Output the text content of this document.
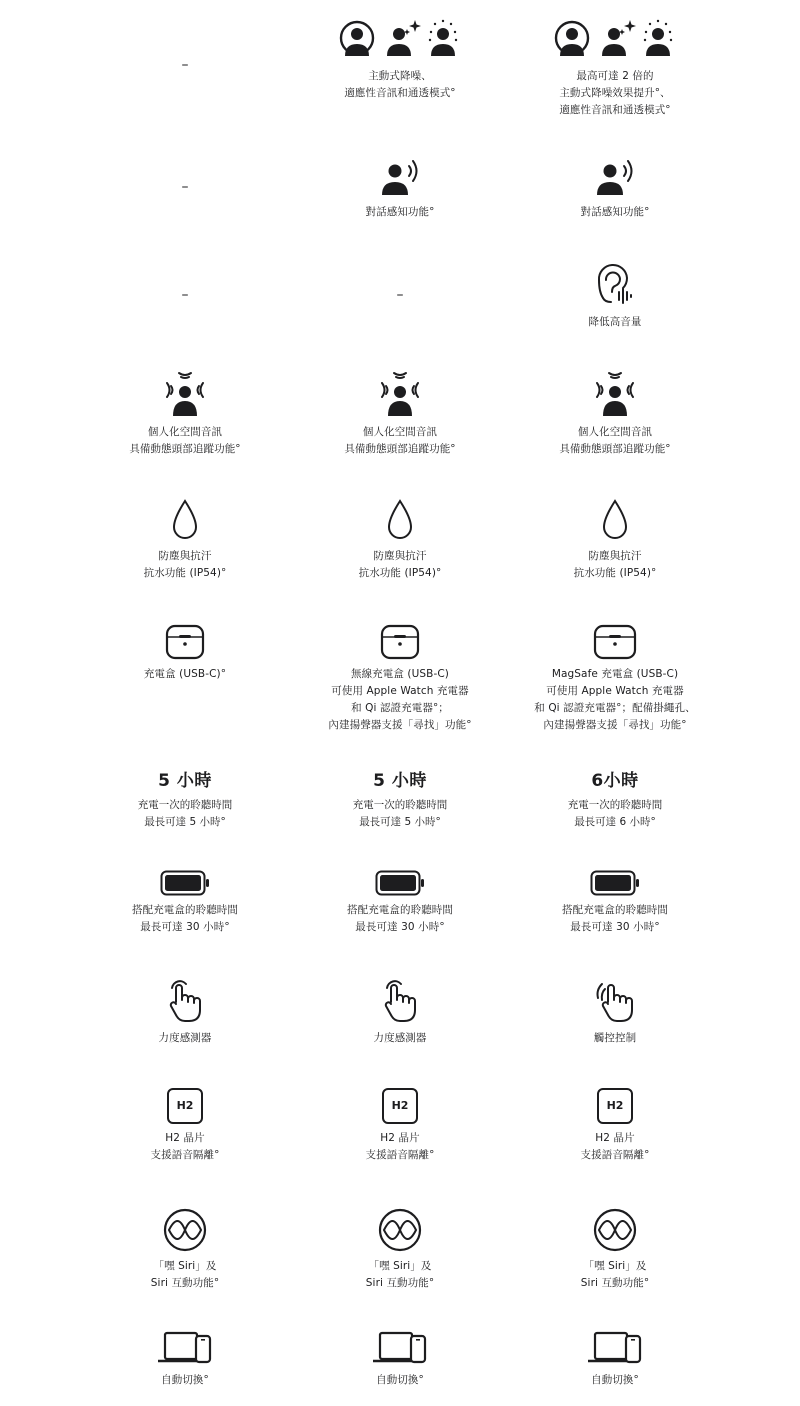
–
–
–
個人化空間音訊
具備動態頭部追蹤功能°
防塵與抗汗
抗水功能 (IP54)°
充電盒 (USB-C)°
5 小時
充電一次的聆聽時間
最長可達 5 小時°
搭配充電盒的聆聽時間
最長可達 30 小時°
力度感測器
H2
H2 晶片
支援語音隔離°
「嘿 Siri」及
Siri 互動功能°
自動切換°
主動式降噪、
適應性音訊和通透模式°
對話感知功能°
–
個人化空間音訊
具備動態頭部追蹤功能°
防塵與抗汗
抗水功能 (IP54)°
無線充電盒 (USB-C)
可使用 Apple Watch 充電器
和 Qi 認證充電器°；
內建揚聲器支援「尋找」功能°
5 小時
充電一次的聆聽時間
最長可達 5 小時°
搭配充電盒的聆聽時間
最長可達 30 小時°
力度感測器
H2
H2 晶片
支援語音隔離°
「嘿 Siri」及
Siri 互動功能°
自動切換°
最高可達 2 倍的
主動式降噪效果提升°、
適應性音訊和通透模式°
對話感知功能°
降低高音量
個人化空間音訊
具備動態頭部追蹤功能°
防塵與抗汗
抗水功能 (IP54)°
MagSafe 充電盒 (USB-C)
可使用 Apple Watch 充電器
和 Qi 認證充電器°；配備掛繩孔、
內建揚聲器支援「尋找」功能°
6小時
充電一次的聆聽時間
最長可達 6 小時°
搭配充電盒的聆聽時間
最長可達 30 小時°
觸控控制
H2
H2 晶片
支援語音隔離°
「嘿 Siri」及
Siri 互動功能°
自動切換°
